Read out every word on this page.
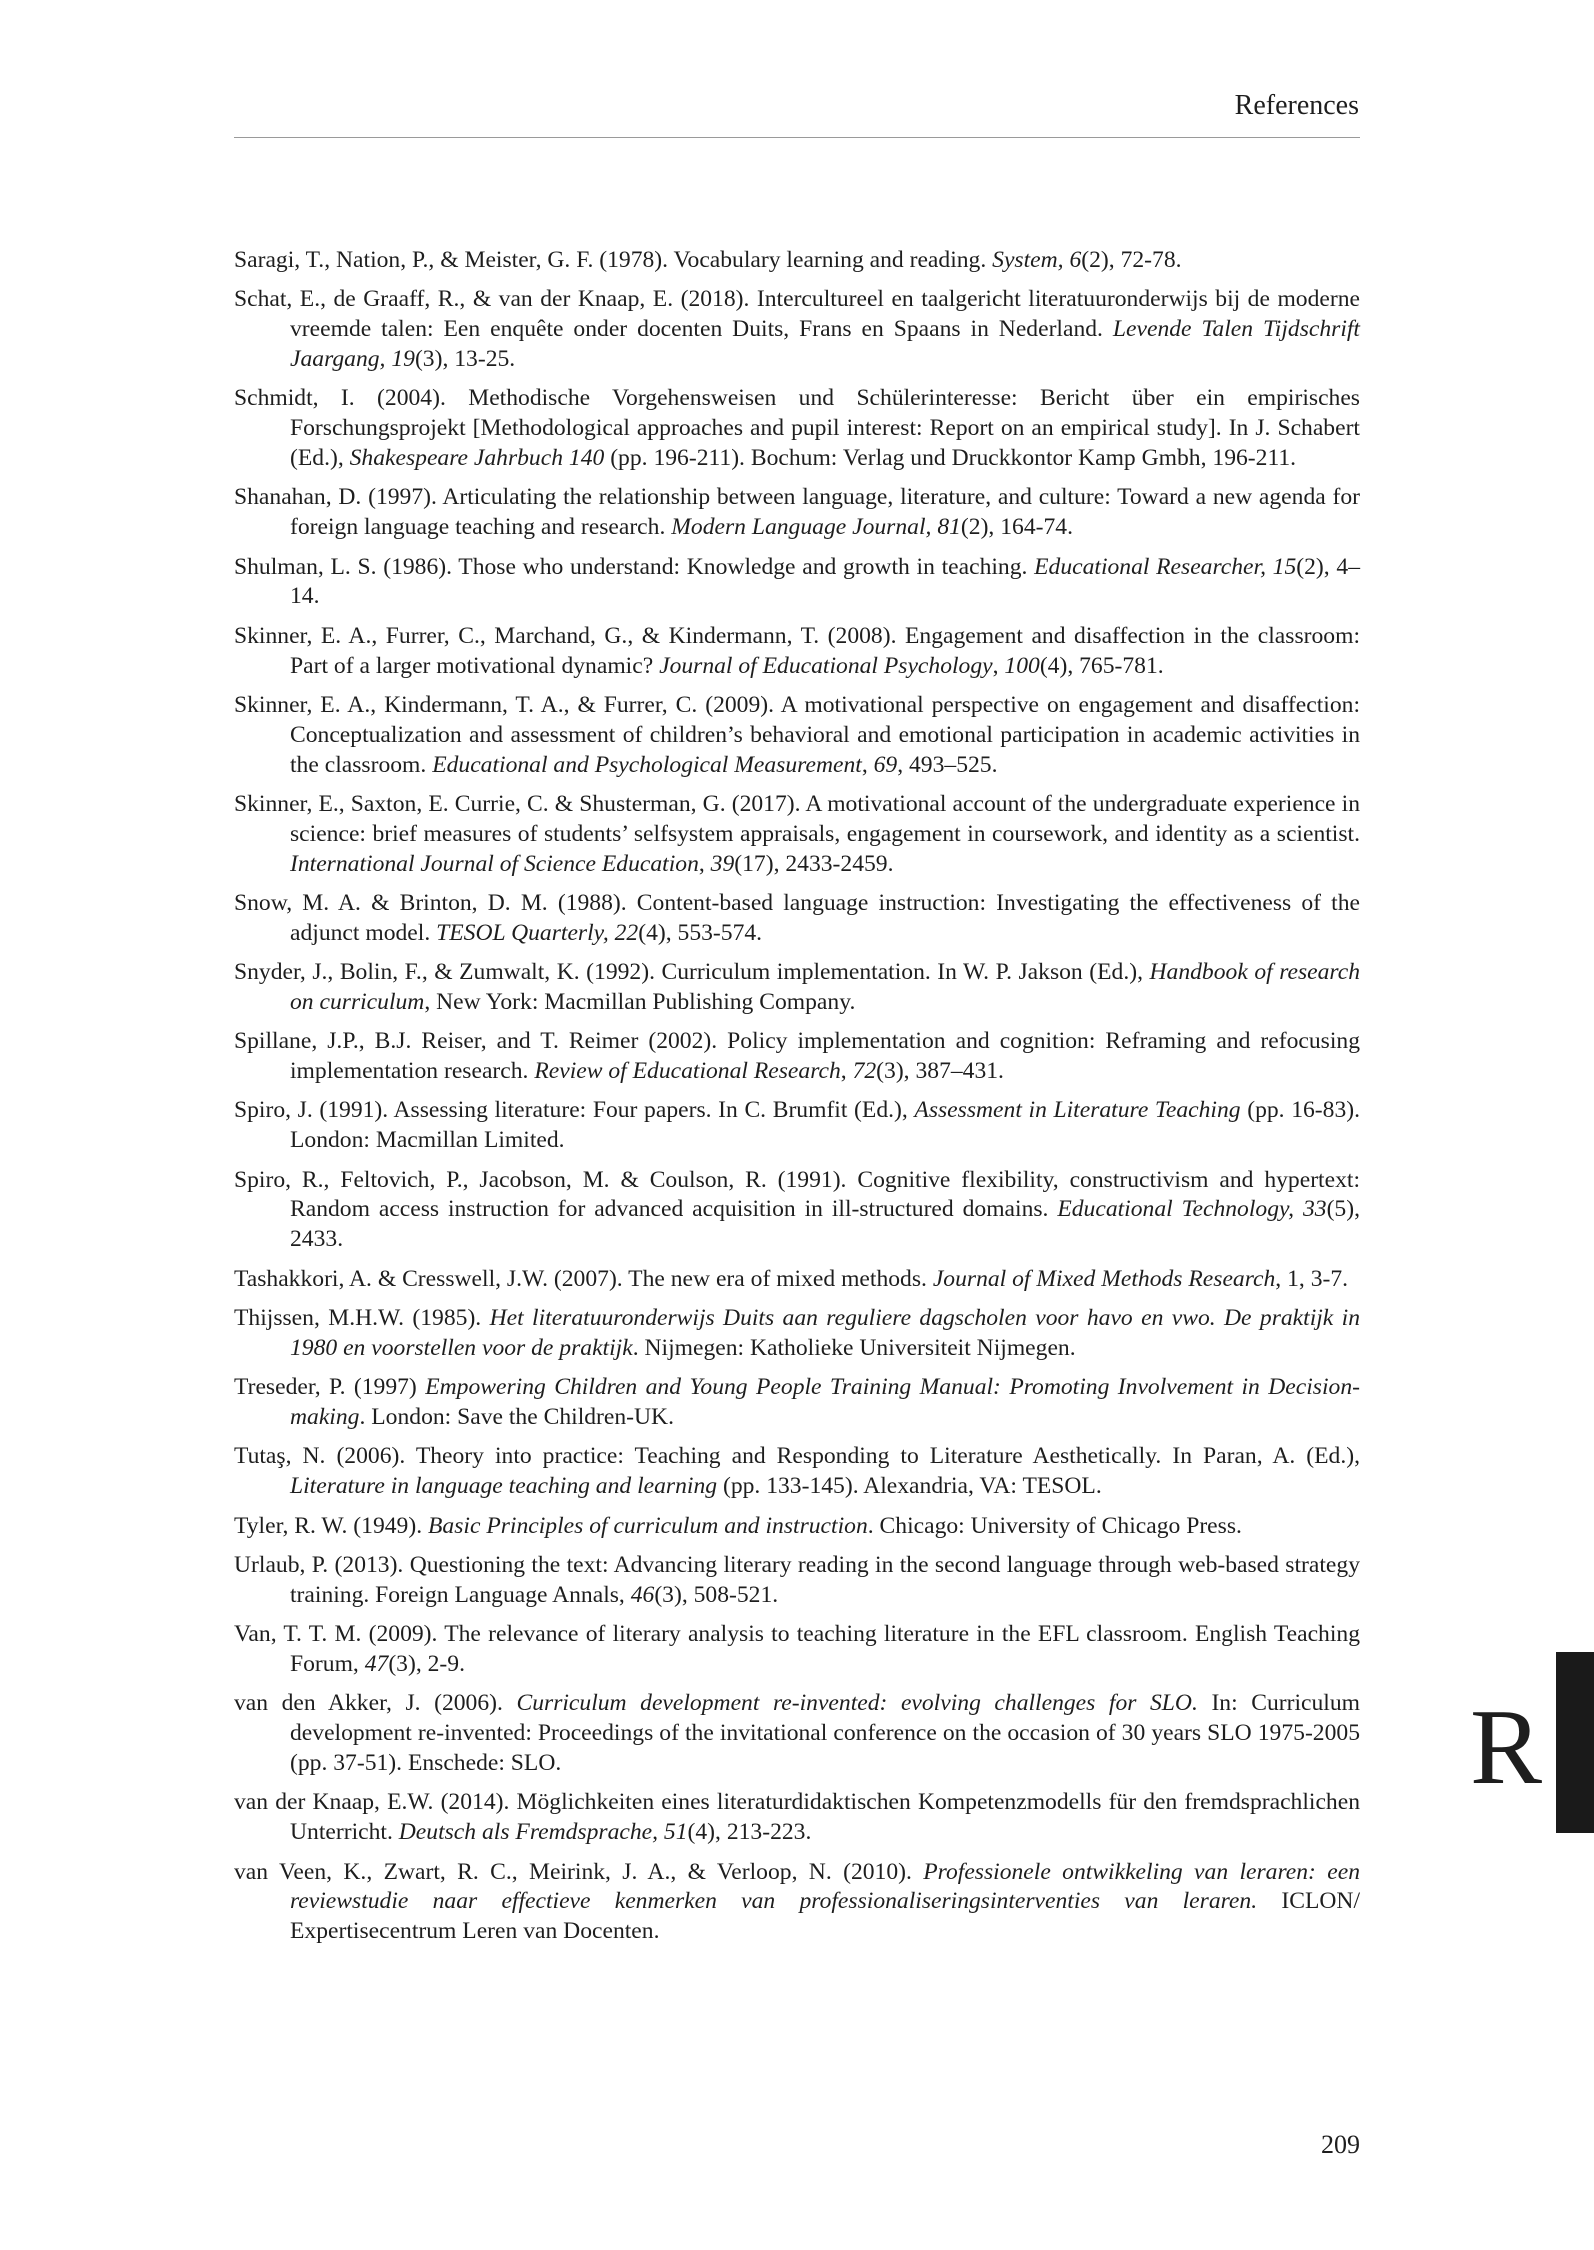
References
Saragi, T., Nation, P., & Meister, G. F. (1978). Vocabulary learning and reading. System, 6(2), 72-78.
Schat, E., de Graaff, R., & van der Knaap, E. (2018). Intercultureel en taalgericht literatuuronderwijs bij de moderne vreemde talen: Een enquête onder docenten Duits, Frans en Spaans in Nederland. Levende Talen Tijdschrift Jaargang, 19(3), 13-25.
Schmidt, I. (2004). Methodische Vorgehensweisen und Schülerinteresse: Bericht über ein empirisches Forschungsprojekt [Methodological approaches and pupil interest: Report on an empirical study]. In J. Schabert (Ed.), Shakespeare Jahrbuch 140 (pp. 196-211). Bochum: Verlag und Druckkontor Kamp Gmbh, 196-211.
Shanahan, D. (1997). Articulating the relationship between language, literature, and culture: Toward a new agenda for foreign language teaching and research. Modern Language Journal, 81(2), 164-74.
Shulman, L. S. (1986). Those who understand: Knowledge and growth in teaching. Educational Researcher, 15(2), 4–14.
Skinner, E. A., Furrer, C., Marchand, G., & Kindermann, T. (2008). Engagement and disaffection in the classroom: Part of a larger motivational dynamic? Journal of Educational Psychology, 100(4), 765-781.
Skinner, E. A., Kindermann, T. A., & Furrer, C. (2009). A motivational perspective on engagement and disaffection: Conceptualization and assessment of children’s behavioral and emotional participation in academic activities in the classroom. Educational and Psychological Measurement, 69, 493–525.
Skinner, E., Saxton, E. Currie, C. & Shusterman, G. (2017). A motivational account of the undergraduate experience in science: brief measures of students’ selfsystem appraisals, engagement in coursework, and identity as a scientist. International Journal of Science Education, 39(17), 2433-2459.
Snow, M. A. & Brinton, D. M. (1988). Content-based language instruction: Investigating the effectiveness of the adjunct model. TESOL Quarterly, 22(4), 553-574.
Snyder, J., Bolin, F., & Zumwalt, K. (1992). Curriculum implementation. In W. P. Jakson (Ed.), Handbook of research on curriculum, New York: Macmillan Publishing Company.
Spillane, J.P., B.J. Reiser, and T. Reimer (2002). Policy implementation and cognition: Reframing and refocusing implementation research. Review of Educational Research, 72(3), 387–431.
Spiro, J. (1991). Assessing literature: Four papers. In C. Brumfit (Ed.), Assessment in Literature Teaching (pp. 16-83). London: Macmillan Limited.
Spiro, R., Feltovich, P., Jacobson, M. & Coulson, R. (1991). Cognitive flexibility, constructivism and hypertext: Random access instruction for advanced acquisition in ill-structured domains. Educational Technology, 33(5), 2433.
Tashakkori, A. & Cresswell, J.W. (2007). The new era of mixed methods. Journal of Mixed Methods Research, 1, 3-7.
Thijssen, M.H.W. (1985). Het literatuuronderwijs Duits aan reguliere dagscholen voor havo en vwo. De praktijk in 1980 en voorstellen voor de praktijk. Nijmegen: Katholieke Universiteit Nijmegen.
Treseder, P. (1997) Empowering Children and Young People Training Manual: Promoting Involvement in Decision-making. London: Save the Children-UK.
Tutaş, N. (2006). Theory into practice: Teaching and Responding to Literature Aesthetically. In Paran, A. (Ed.), Literature in language teaching and learning (pp. 133-145). Alexandria, VA: TESOL.
Tyler, R. W. (1949). Basic Principles of curriculum and instruction. Chicago: University of Chicago Press.
Urlaub, P. (2013). Questioning the text: Advancing literary reading in the second language through web-based strategy training. Foreign Language Annals, 46(3), 508-521.
Van, T. T. M. (2009). The relevance of literary analysis to teaching literature in the EFL classroom. English Teaching Forum, 47(3), 2-9.
van den Akker, J. (2006). Curriculum development re-invented: evolving challenges for SLO. In: Curriculum development re-invented: Proceedings of the invitational conference on the occasion of 30 years SLO 1975-2005 (pp. 37-51). Enschede: SLO.
van der Knaap, E.W. (2014). Möglichkeiten eines literaturdidaktischen Kompetenzmodells für den fremdsprachlichen Unterricht. Deutsch als Fremdsprache, 51(4), 213-223.
van Veen, K., Zwart, R. C., Meirink, J. A., & Verloop, N. (2010). Professionele ontwikkeling van leraren: een reviewstudie naar effectieve kenmerken van professionaliseringsinterventies van leraren. ICLON/ Expertisecentrum Leren van Docenten.
R
209
